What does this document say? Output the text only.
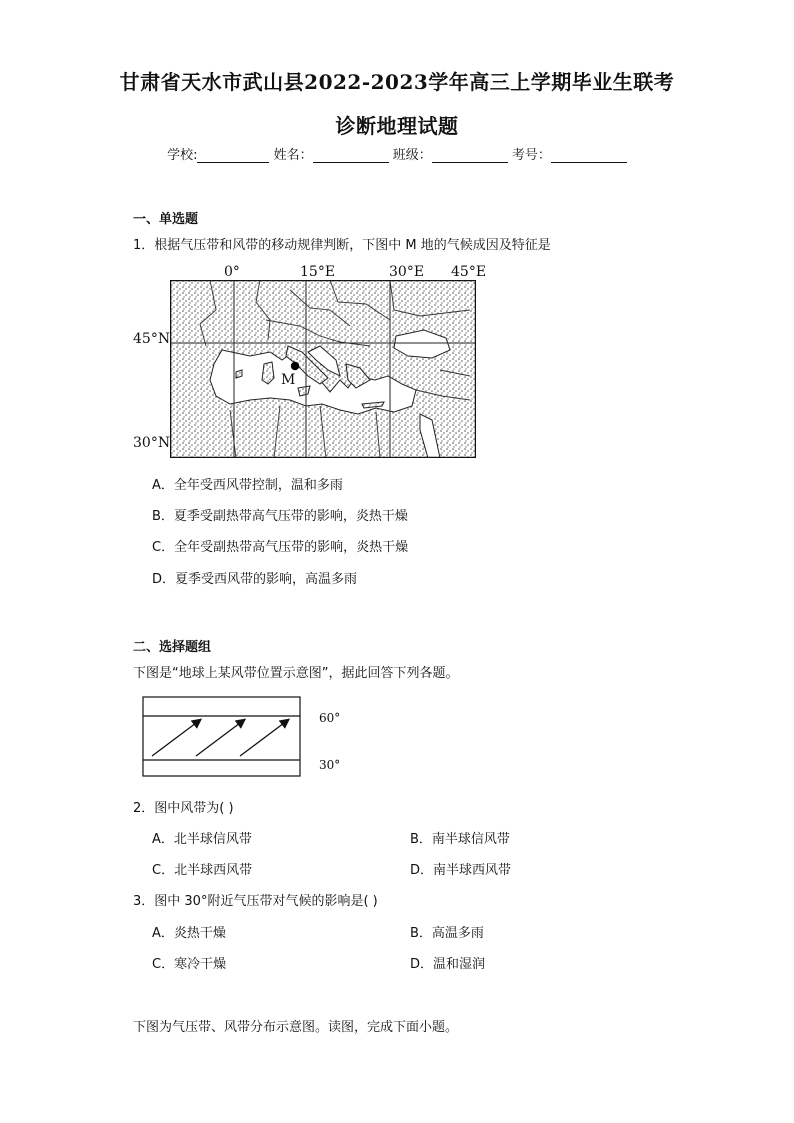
甘肃省天水市武山县2022-2023学年高三上学期毕业生联考
诊断地理试题
学校:	姓名：	班级：	考号：
一、单选题
1．根据气压带和风带的移动规律判断，下图中 M 地的气候成因及特征是
0°	15°E	30°E 45°E
45°N
30°N
M
A．全年受西风带控制，温和多雨
B．夏季受副热带高气压带的影响，炎热干燥
C．全年受副热带高气压带的影响，炎热干燥
D．夏季受西风带的影响，高温多雨
二、选择题组
下图是“地球上某风带位置示意图”，据此回答下列各题。
60°
30°
2．图中风带为( )
A．北半球信风带	B．南半球信风带
C．北半球西风带	D．南半球西风带
3．图中 30°附近气压带对气候的影响是( )
A．炎热干燥	B．高温多雨
C．寒冷干燥	D．温和湿润
下图为气压带、风带分布示意图。读图，完成下面小题。
